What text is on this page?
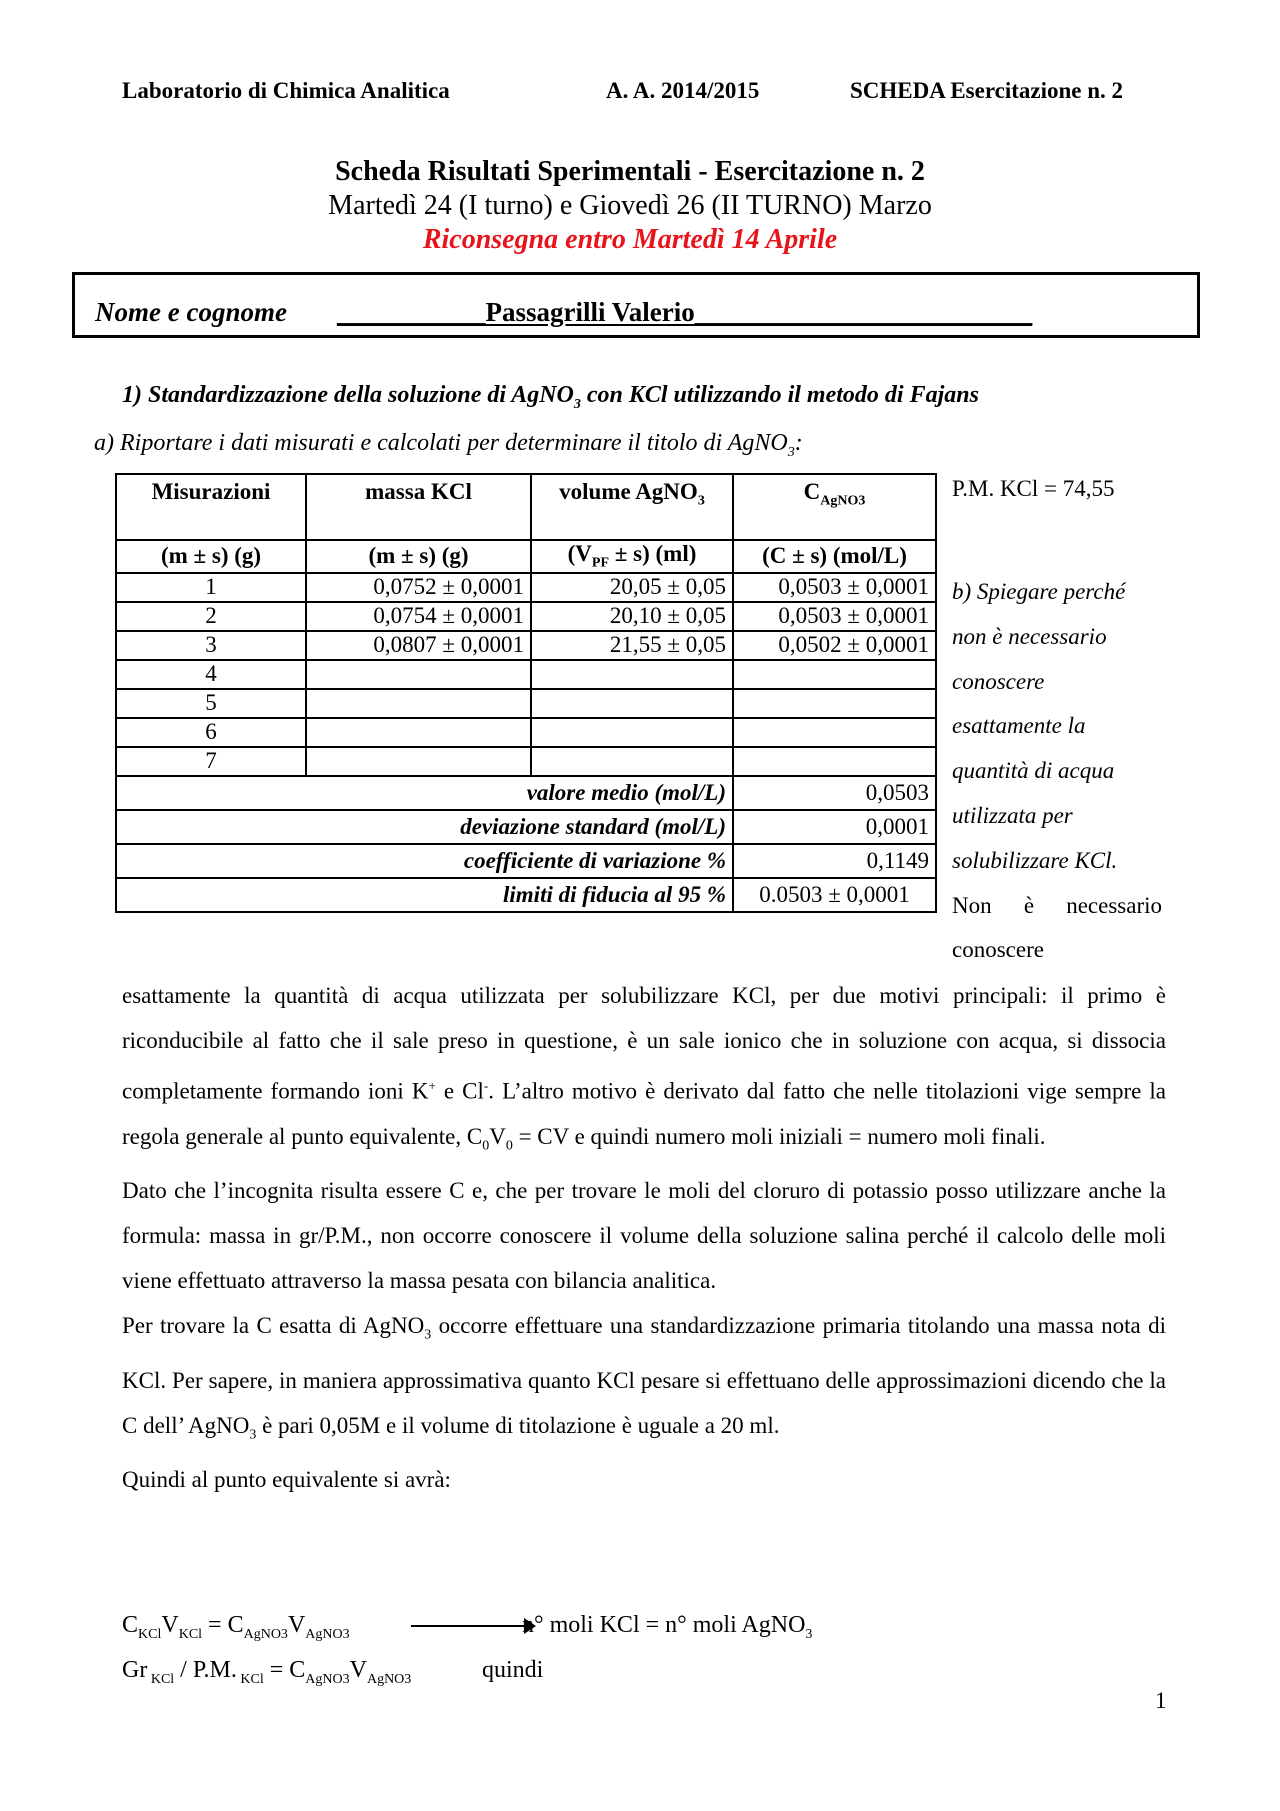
Laboratorio di Chimica Analitica	A. A. 2014/2015	SCHEDA Esercitazione n. 2
Scheda Risultati Sperimentali - Esercitazione n. 2
Martedì 24 (I turno) e Giovedì 26 (II TURNO) Marzo
Riconsegna entro Martedì 14 Aprile
Nome e cognome ___________Passagrilli Valerio_________________________
1) Standardizzazione della soluzione di AgNO$_3$ con KCl utilizzando il metodo di Fajans
a) Riportare i dati misurati e calcolati per determinare il titolo di AgNO$_3$:
Misurazioni	massa KCl	volume AgNO$_3$	$C_{AgNO3}$
(m ± s) (g)	(m ± s) (g)	$(V_{PF} \pm s)$ (ml)	(C ± s) (mol/L)
1	0,0752 ± 0,0001	20,05 ± 0,05	0,0503 ± 0,0001
2	0,0754 ± 0,0001	20,10 ± 0,05	0,0503 ± 0,0001
3	0,0807 ± 0,0001	21,55 ± 0,05	0,0502 ± 0,0001
4			
5			
6			
7			
valore medio (mol/L)			0,0503
deviazione standard (mol/L)			0,0001
coefficiente di variazione %			0,1149
limiti di fiducia al 95 %			0.0503 ± 0,0001
P.M. KCl = 74,55
b) Spiegare perché
non è necessario
conoscere
esattamente la
quantità di acqua
utilizzata per
solubilizzare KCl.
Non è necessario
conoscere

esattamente la quantità di acqua utilizzata per solubilizzare KCl, per due motivi principali: il primo è riconducibile al fatto che il sale preso in questione, è un sale ionico che in soluzione con acqua, si dissocia completamente formando ioni K+ e Cl-. L’altro motivo è derivato dal fatto che nelle titolazioni vige sempre la regola generale al punto equivalente, $C_0V_0$ = CV e quindi numero moli iniziali = numero moli finali.

Dato che l’incognita risulta essere C e, che per trovare le moli del cloruro di potassio posso utilizzare anche la formula: massa in gr/P.M., non occorre conoscere il volume della soluzione salina perché il calcolo delle moli viene effettuato attraverso la massa pesata con bilancia analitica.

Per trovare la C esatta di AgNO$_3$ occorre effettuare una standardizzazione primaria titolando una massa nota di KCl. Per sapere, in maniera approssimativa quanto KCl pesare si effettuano delle approssimazioni dicendo che la C dell’ AgNO$_3$ è pari 0,05M e il volume di titolazione è uguale a 20 ml.

Quindi al punto equivalente si avrà:

$C_{KCl}V_{KCl} = C_{AgNO3}V_{AgNO3}$	n° moli KCl = n° moli AgNO$_3$
Gr $_{KCl}$ / P.M. $_{KCl} = C_{AgNO3}V_{AgNO3}$	quindi
1
